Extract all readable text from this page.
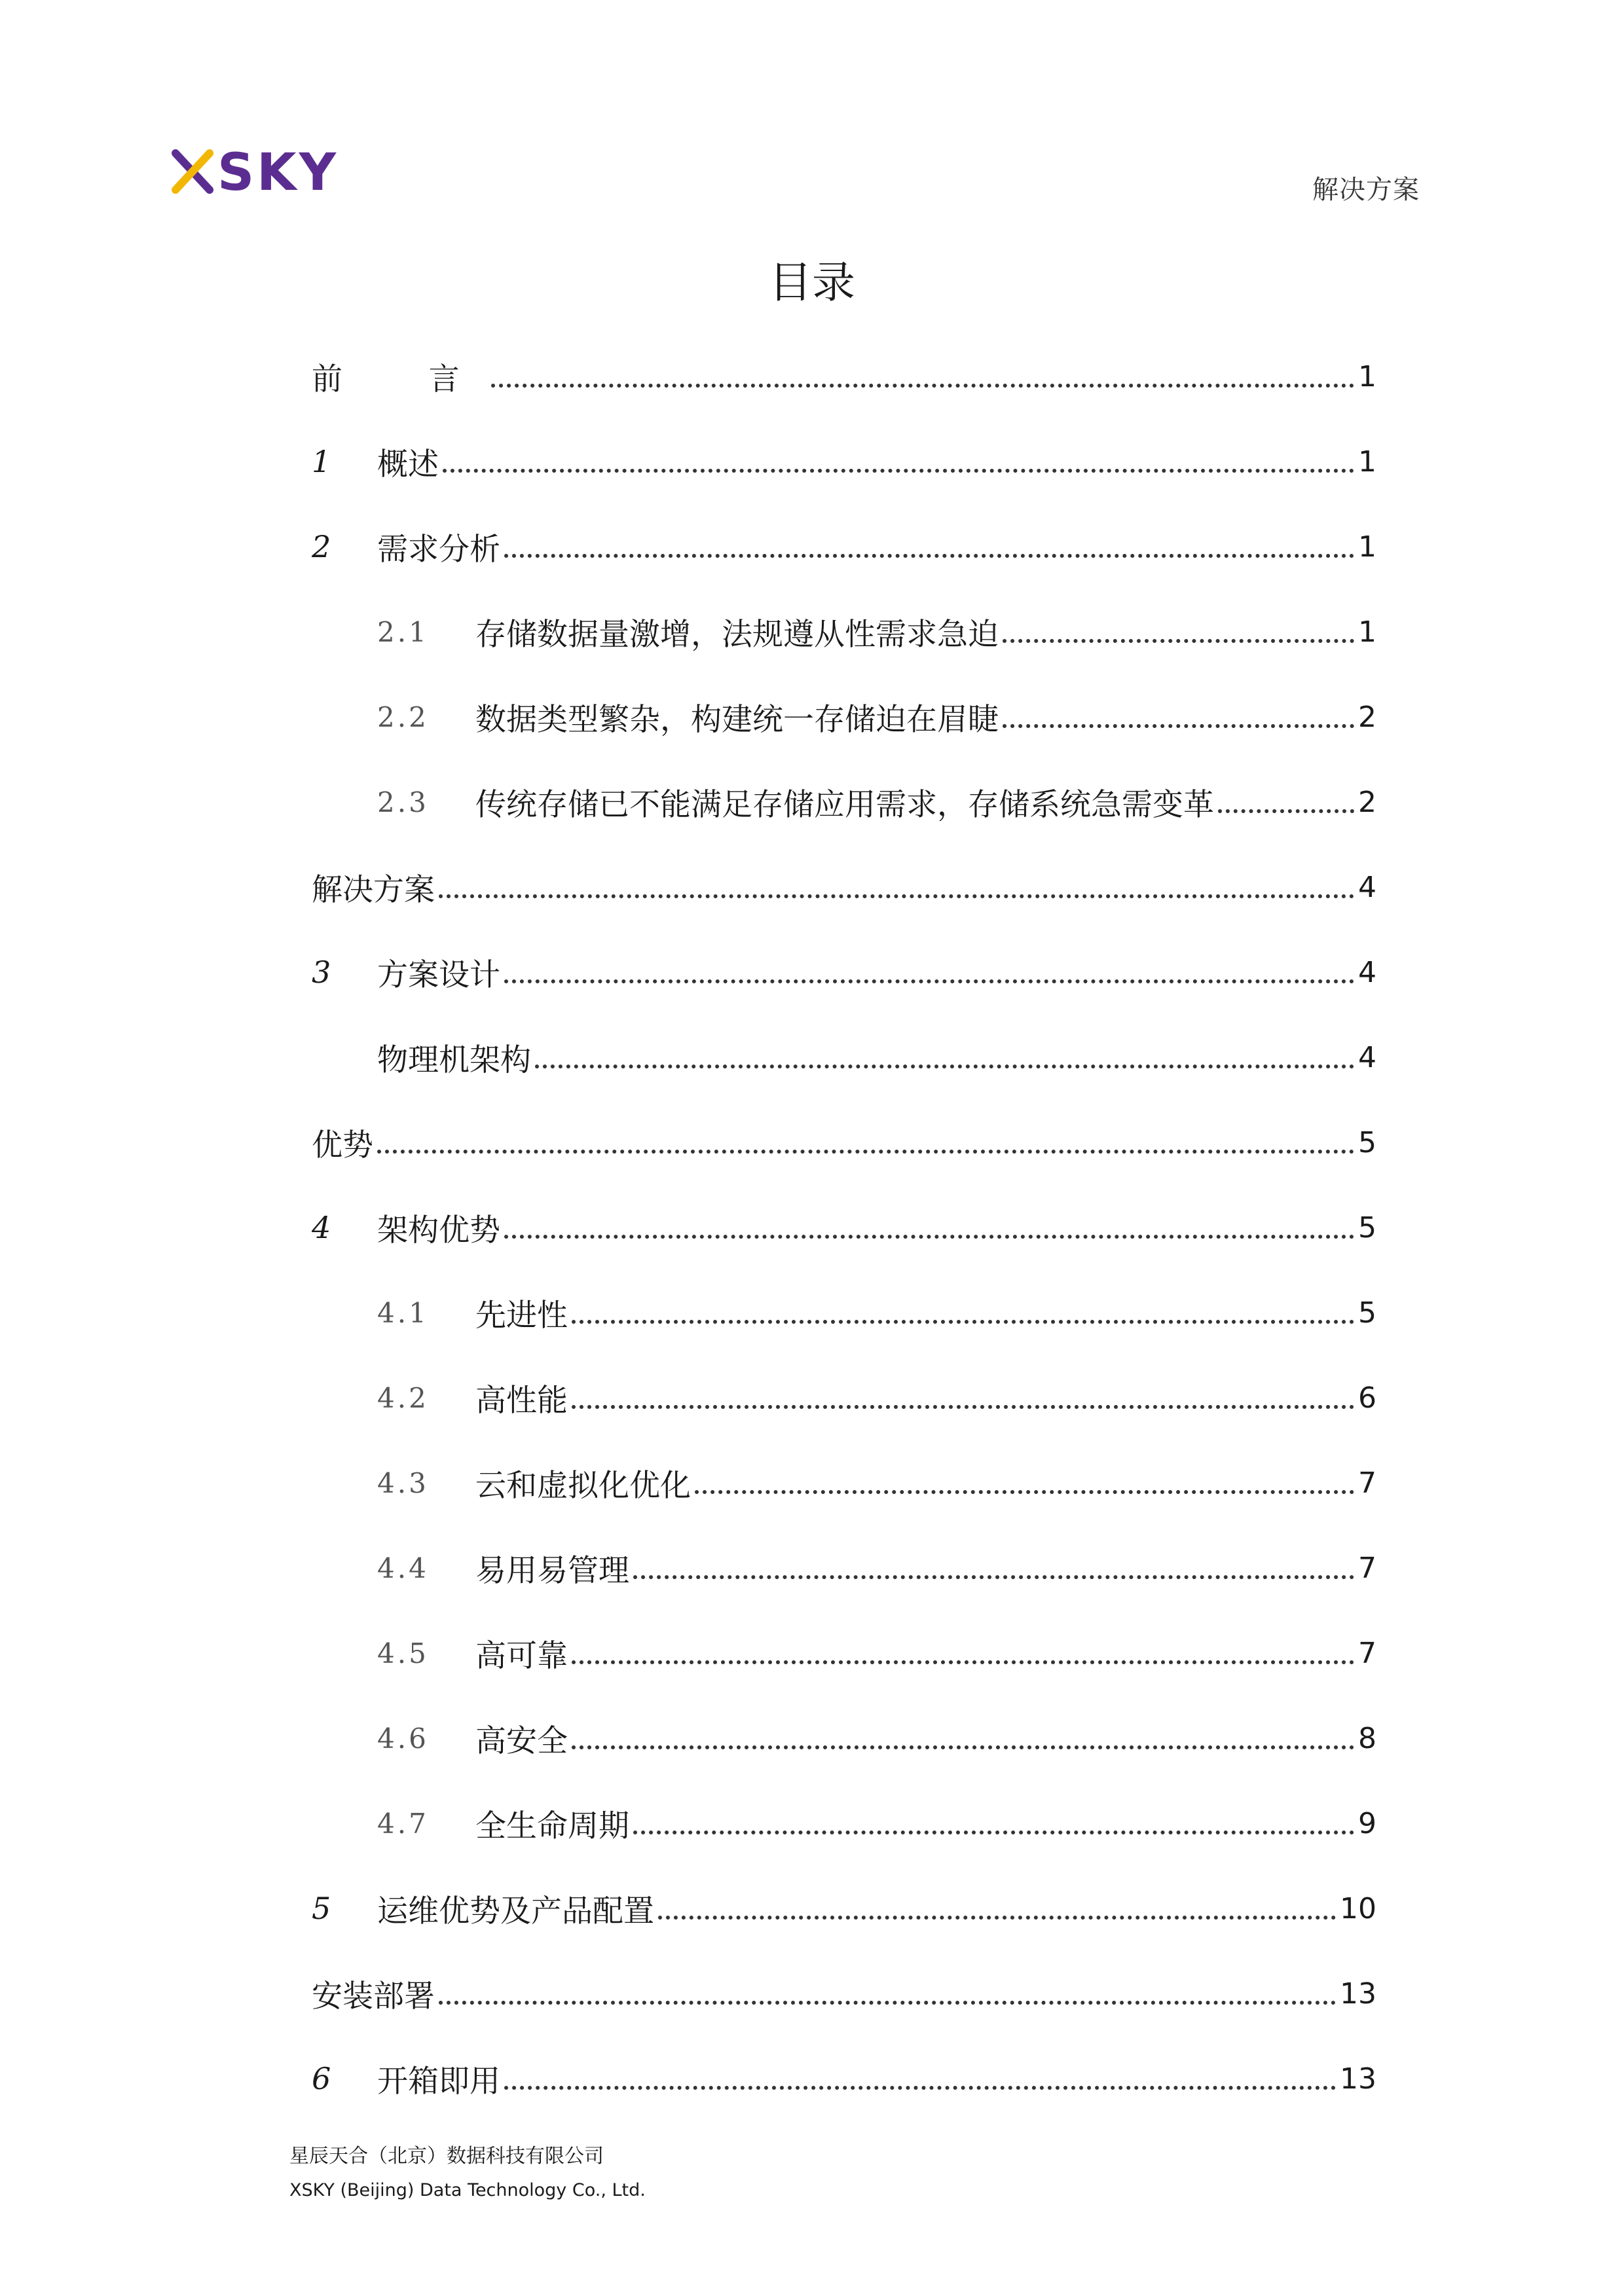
SKY	解决方案
目录
前　言	1
1	概述	1
2	需求分析	1
2.1	存储数据量激增，法规遵从性需求急迫	1
2.2	数据类型繁杂，构建统一存储迫在眉睫	2
2.3	传统存储已不能满足存储应用需求，存储系统急需变革	2
解决方案	4
3	方案设计	4
物理机架构	4
优势	5
4	架构优势	5
4.1	先进性	5
4.2	高性能	6
4.3	云和虚拟化优化	7
4.4	易用易管理	7
4.5	高可靠	7
4.6	高安全	8
4.7	全生命周期	9
5	运维优势及产品配置	10
安装部署	13
6	开箱即用	13
星辰天合（北京）数据科技有限公司
XSKY (Beijing) Data Technology Co., Ltd.
